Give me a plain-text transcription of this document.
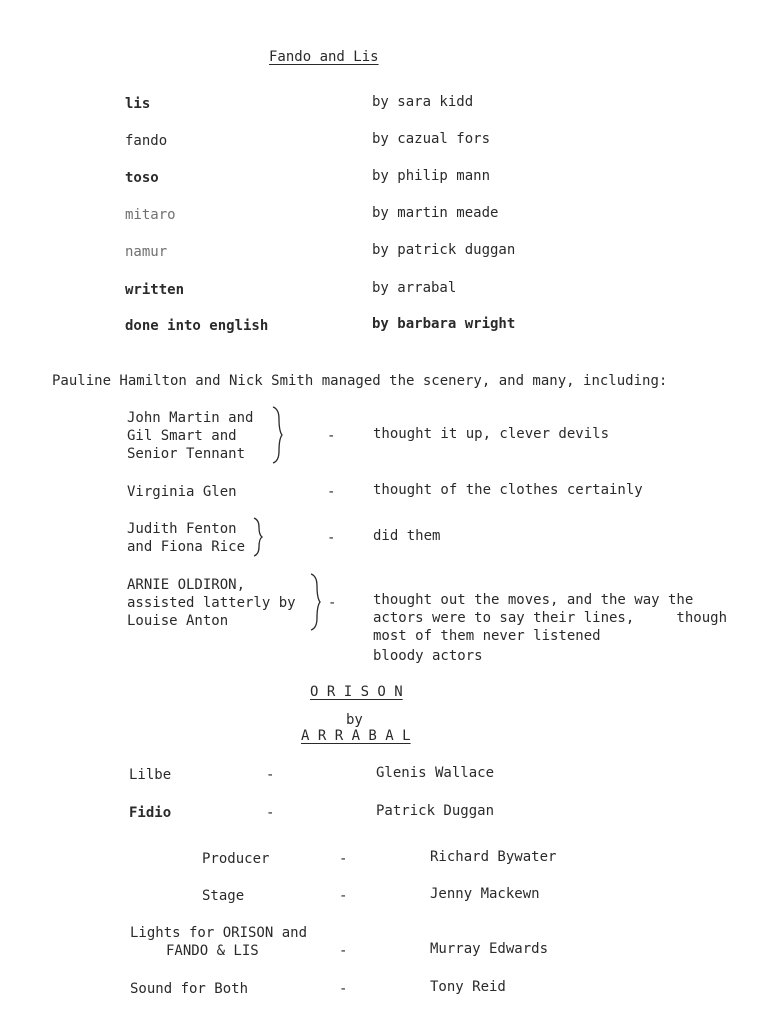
Fando and Lis
lis	by sara kidd
fando	by cazual fors
toso	by philip mann
mitaro	by martin meade
namur	by patrick duggan
written	by arrabal
done into english	by barbara wright
Pauline Hamilton and Nick Smith managed the scenery, and many, including:
John Martin and
Gil Smart and
Senior Tennant
-	thought it up, clever devils
Virginia Glen	-	thought of the clothes certainly
Judith Fenton
and Fiona Rice
-	did them
ARNIE OLDIRON,
assisted latterly by
Louise Anton
-	thought out the moves, and the way the
actors were to say their lines,     though
most of them never listened
bloody actors
O R I S O N
by
A R R A B A L
Lilbe	-	Glenis Wallace
Fidio	-	Patrick Duggan
Producer	-	Richard Bywater
Stage	-	Jenny Mackewn
Lights for ORISON and
FANDO & LIS	-	Murray Edwards
Sound for Both	-	Tony Reid
